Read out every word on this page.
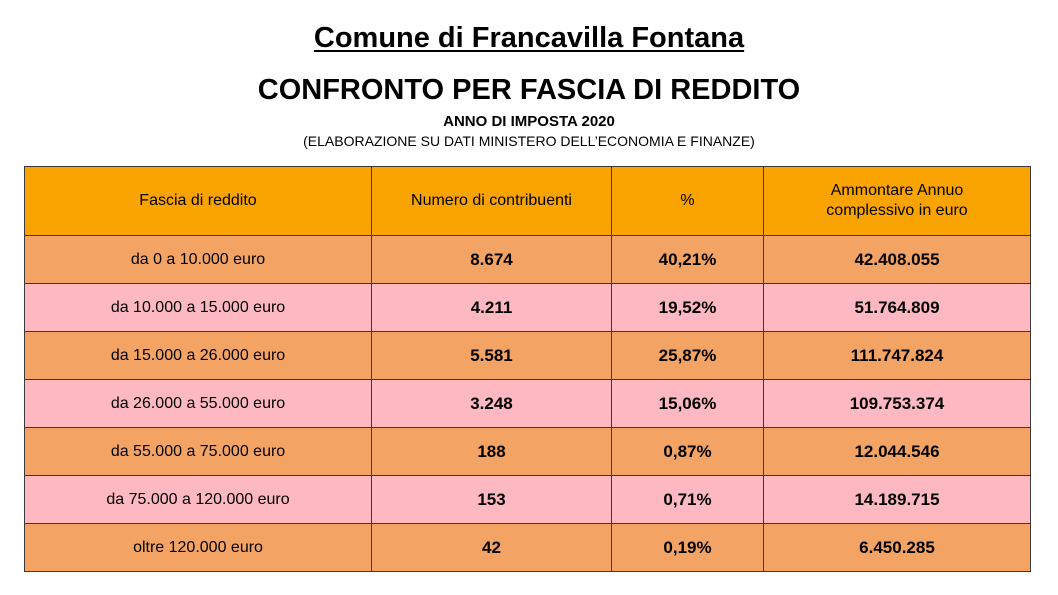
Comune di Francavilla Fontana
CONFRONTO PER FASCIA DI REDDITO
ANNO DI IMPOSTA 2020
(ELABORAZIONE SU DATI MINISTERO DELL’ECONOMIA E FINANZE)
Fascia di reddito	Numero di contribuenti	%	Ammontare Annuo complessivo in euro
da 0 a 10.000 euro	8.674	40,21%	42.408.055
da 10.000 a 15.000 euro	4.211	19,52%	51.764.809
da 15.000 a 26.000 euro	5.581	25,87%	111.747.824
da 26.000 a 55.000 euro	3.248	15,06%	109.753.374
da 55.000 a 75.000 euro	188	0,87%	12.044.546
da 75.000 a 120.000 euro	153	0,71%	14.189.715
oltre 120.000 euro	42	0,19%	6.450.285
